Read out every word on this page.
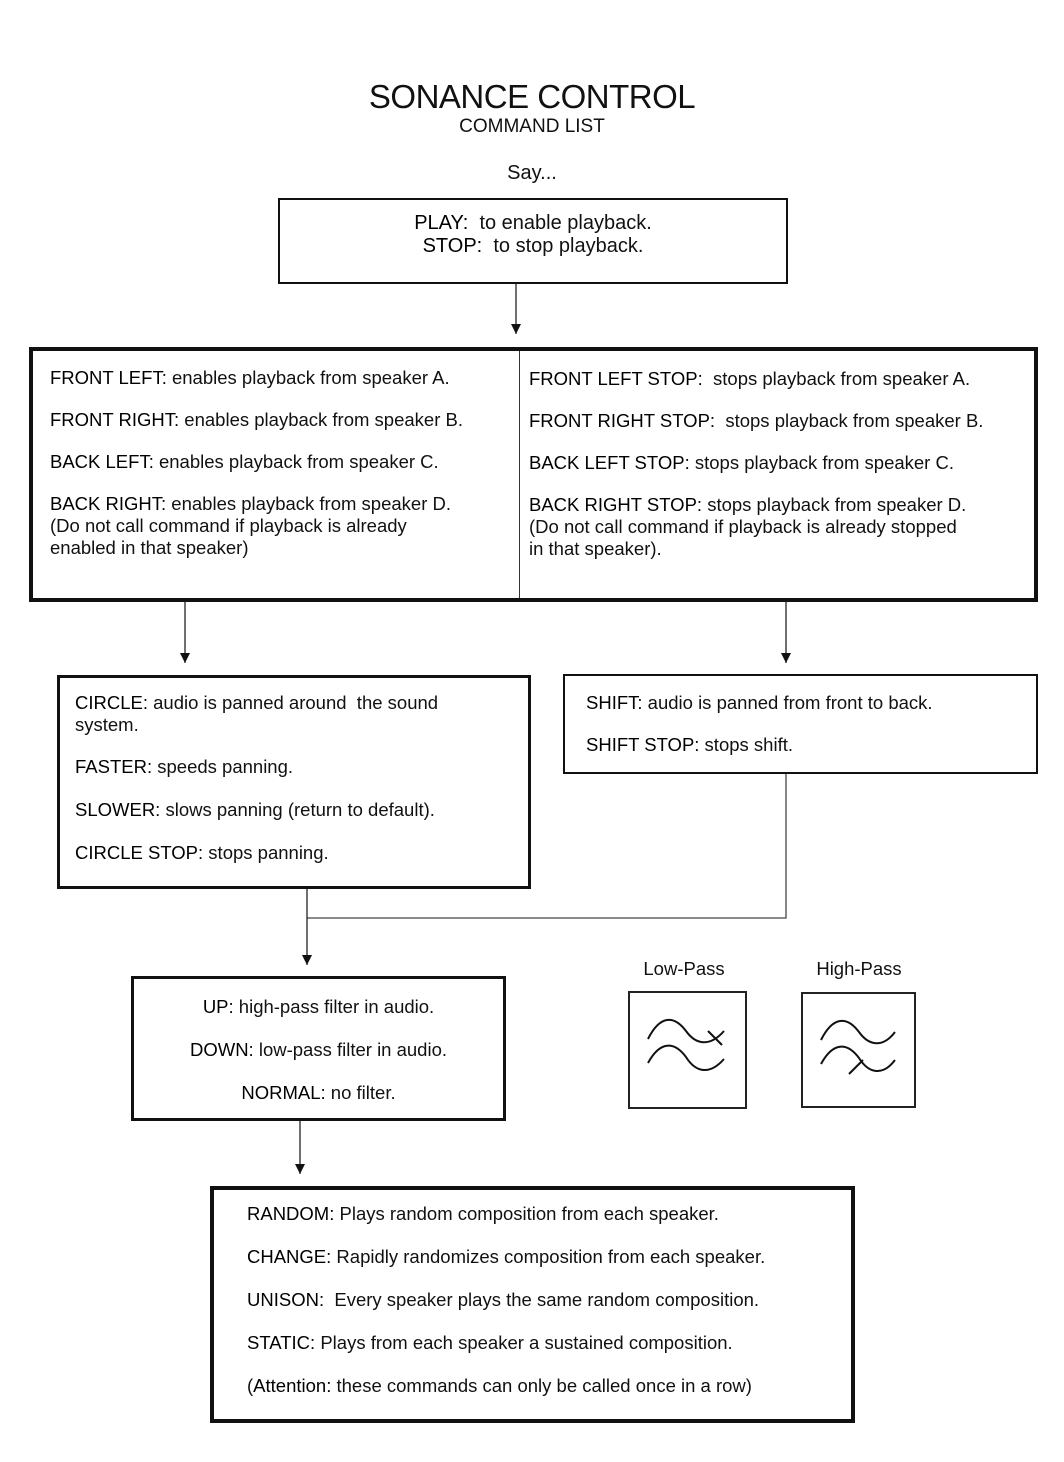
SONANCE CONTROL
COMMAND LIST
Say...

PLAY:  to enable playback.

STOP:  to stop playback.

FRONT LEFT: enables playback from speaker A.

FRONT RIGHT: enables playback from speaker B.

BACK LEFT: enables playback from speaker C.

BACK RIGHT: enables playback from speaker D.

(Do not call command if playback is already

enabled in that speaker)

FRONT LEFT STOP:  stops playback from speaker A.

FRONT RIGHT STOP:  stops playback from speaker B.

BACK LEFT STOP: stops playback from speaker C.

BACK RIGHT STOP: stops playback from speaker D.

(Do not call command if playback is already stopped

in that speaker).

CIRCLE: audio is panned around  the sound

system.

FASTER: speeds panning.

SLOWER: slows panning (return to default).

CIRCLE STOP: stops panning.

SHIFT: audio is panned from front to back.

SHIFT STOP: stops shift.

UP: high-pass filter in audio.

DOWN: low-pass filter in audio.

NORMAL: no filter.

Low-Pass	High-Pass

RANDOM: Plays random composition from each speaker.

CHANGE: Rapidly randomizes composition from each speaker.

UNISON:  Every speaker plays the same random composition.

STATIC: Plays from each speaker a sustained composition.

(Attention: these commands can only be called once in a row)
